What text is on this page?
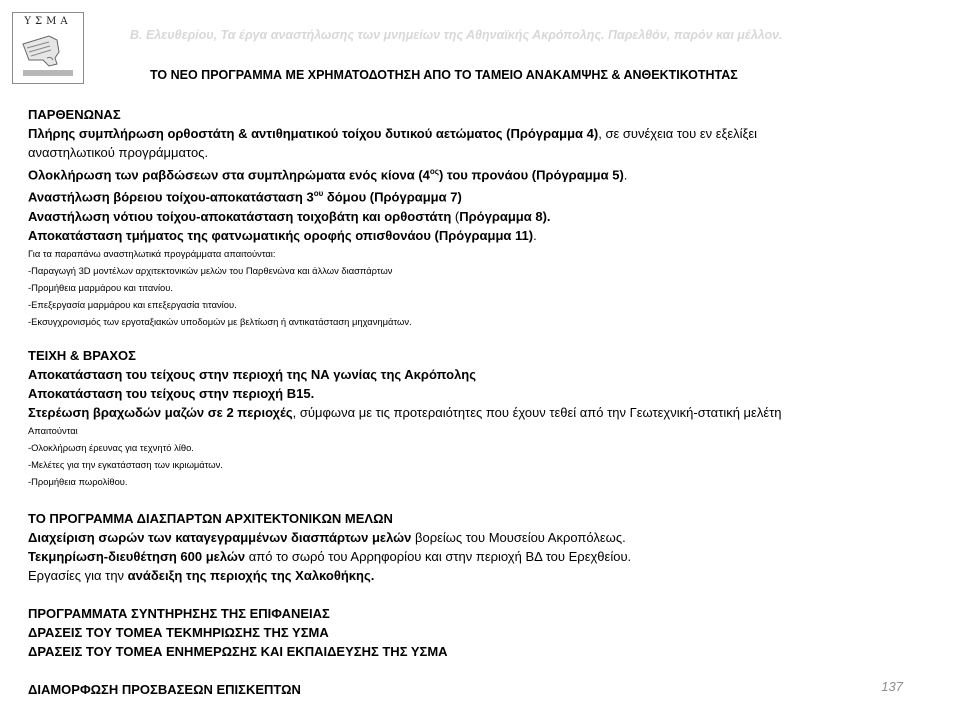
ΥΣΜΑ
Β. Ελευθερίου, Τα έργα αναστήλωσης των μνημείων της Αθηναϊκής Ακρόπολης. Παρελθόν, παρόν και μέλλον.
ΤΟ ΝΕΟ ΠΡΟΓΡΑΜΜΑ ΜΕ ΧΡΗΜΑΤΟΔΟΤΗΣΗ ΑΠΟ ΤΟ ΤΑΜΕΙΟ ΑΝΑΚΑΜΨΗΣ & ΑΝΘΕΚΤΙΚΟΤΗΤΑΣ
ΠΑΡΘΕΝΩΝΑΣ
Πλήρης συμπλήρωση ορθοστάτη & αντιθηματικού τοίχου δυτικού αετώματος (Πρόγραμμα 4), σε συνέχεια του εν εξελίξει
αναστηλωτικού προγράμματος.
Ολοκλήρωση των ραβδώσεων στα συμπληρώματα ενός κίονα $(4^{o\varsigma})$ του προνάου (Πρόγραμμα 5).
Αναστήλωση βόρειου τοίχου-αποκατάσταση $3^{o\upsilon}$ δόμου (Πρόγραμμα 7)
Αναστήλωση νότιου τοίχου-αποκατάσταση τοιχοβάτη και ορθοστάτη (Πρόγραμμα 8).
Αποκατάσταση τμήματος της φατνωματικής οροφής οπισθονάου (Πρόγραμμα 11).
Για τα παραπάνω αναστηλωτικά προγράμματα απαιτούνται:
-Παραγωγή 3D μοντέλων αρχιτεκτονικών μελών του Παρθενώνα και άλλων διασπάρτων
-Προμήθεια μαρμάρου και τιτανίου.
-Επεξεργασία μαρμάρου και επεξεργασία τιτανίου.
-Εκσυγχρονισμός των εργοταξιακών υποδομών με βελτίωση ή αντικατάσταση μηχανημάτων.
ΤΕΙΧΗ & ΒΡΑΧΟΣ
Αποκατάσταση του τείχους στην περιοχή της ΝΑ γωνίας της Ακρόπολης
Αποκατάσταση του τείχους στην περιοχή Β15.
Στερέωση βραχωδών μαζών σε 2 περιοχές, σύμφωνα με τις προτεραιότητες που έχουν τεθεί από την Γεωτεχνική-στατική μελέτη
Απαιτούνται
-Ολοκλήρωση έρευνας για τεχνητό λίθο.
-Μελέτες για την εγκατάσταση των ικριωμάτων.
-Προμήθεια πωρολίθου.
ΤΟ ΠΡΟΓΡΑΜΜΑ ΔΙΑΣΠΑΡΤΩΝ ΑΡΧΙΤΕΚΤΟΝΙΚΩΝ ΜΕΛΩΝ
Διαχείριση σωρών των καταγεγραμμένων διασπάρτων μελών βορείως του Μουσείου Ακροπόλεως.
Τεκμηρίωση-διευθέτηση 600 μελών από το σωρό του Αρρηφορίου και στην περιοχή ΒΔ του Ερεχθείου.
Εργασίες για την ανάδειξη της περιοχής της Χαλκοθήκης.
ΠΡΟΓΡΑΜΜΑΤΑ ΣΥΝΤΗΡΗΣΗΣ ΤΗΣ ΕΠΙΦΑΝΕΙΑΣ
ΔΡΑΣΕΙΣ ΤΟΥ ΤΟΜΕΑ ΤΕΚΜΗΡΙΩΣΗΣ ΤΗΣ ΥΣΜΑ
ΔΡΑΣΕΙΣ ΤΟΥ ΤΟΜΕΑ ΕΝΗΜΕΡΩΣΗΣ ΚΑΙ ΕΚΠΑΙΔΕΥΣΗΣ ΤΗΣ ΥΣΜΑ
ΔΙΑΜΟΡΦΩΣΗ ΠΡΟΣΒΑΣΕΩΝ ΕΠΙΣΚΕΠΤΩΝ	137
